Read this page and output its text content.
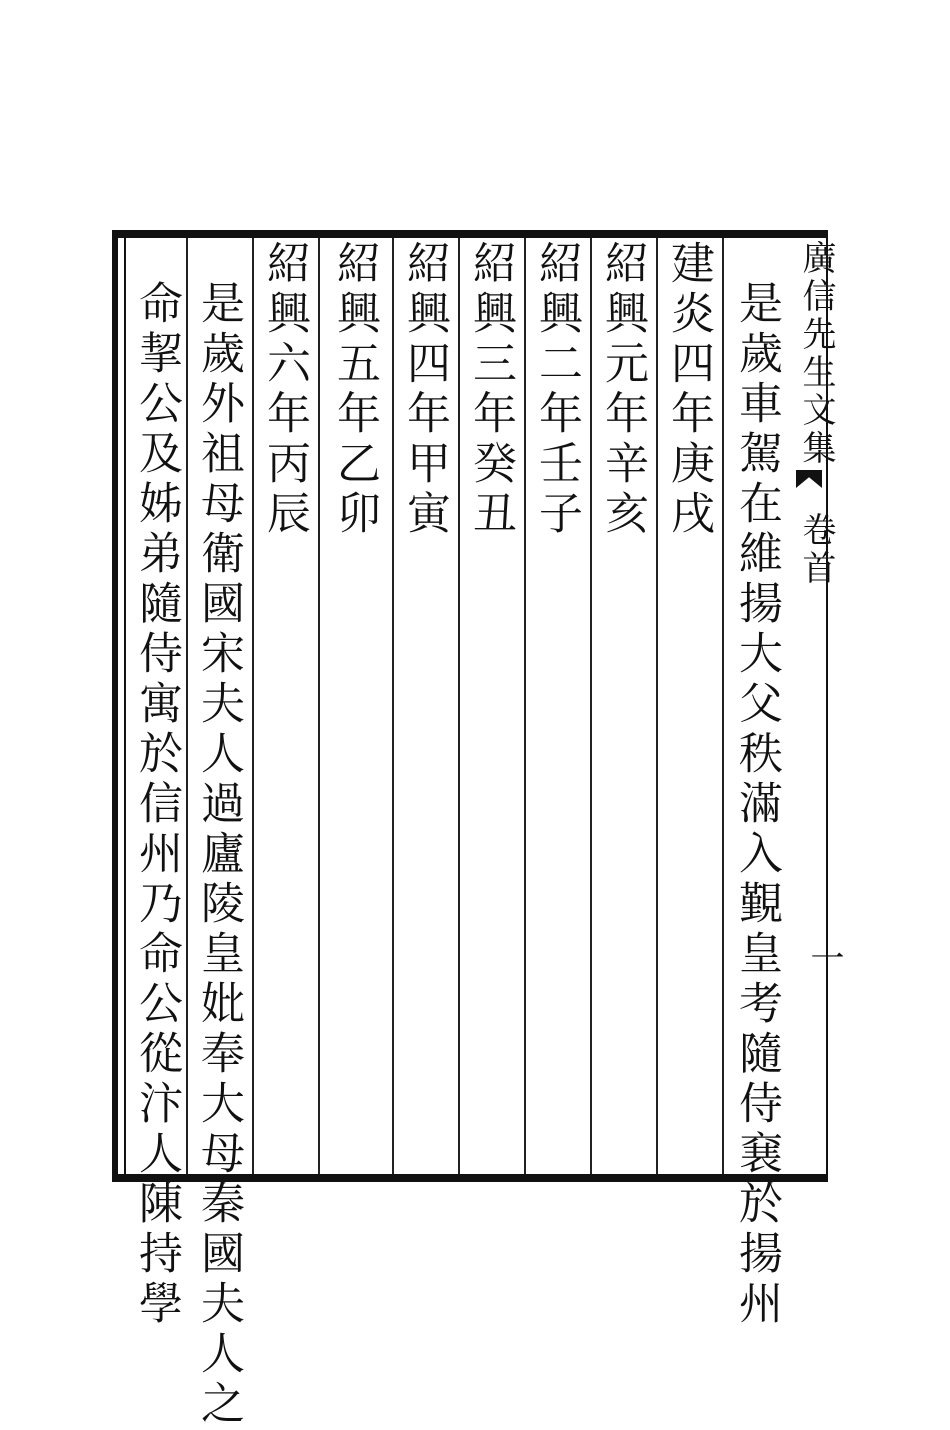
廣信先生文集 卷首
一
是歲車駕在維揚大父秩滿入覲皇考隨侍㐮於揚州
建炎四年庚戌
紹興元年辛亥
紹興二年壬子
紹興三年癸丑
紹興四年甲寅
紹興五年乙卯
紹興六年丙辰
是歲外祖母衛國宋夫人過廬陵皇妣奉大母秦國夫人之
命挈公及姊弟隨侍寓於信州乃命公從汴人陳持學
